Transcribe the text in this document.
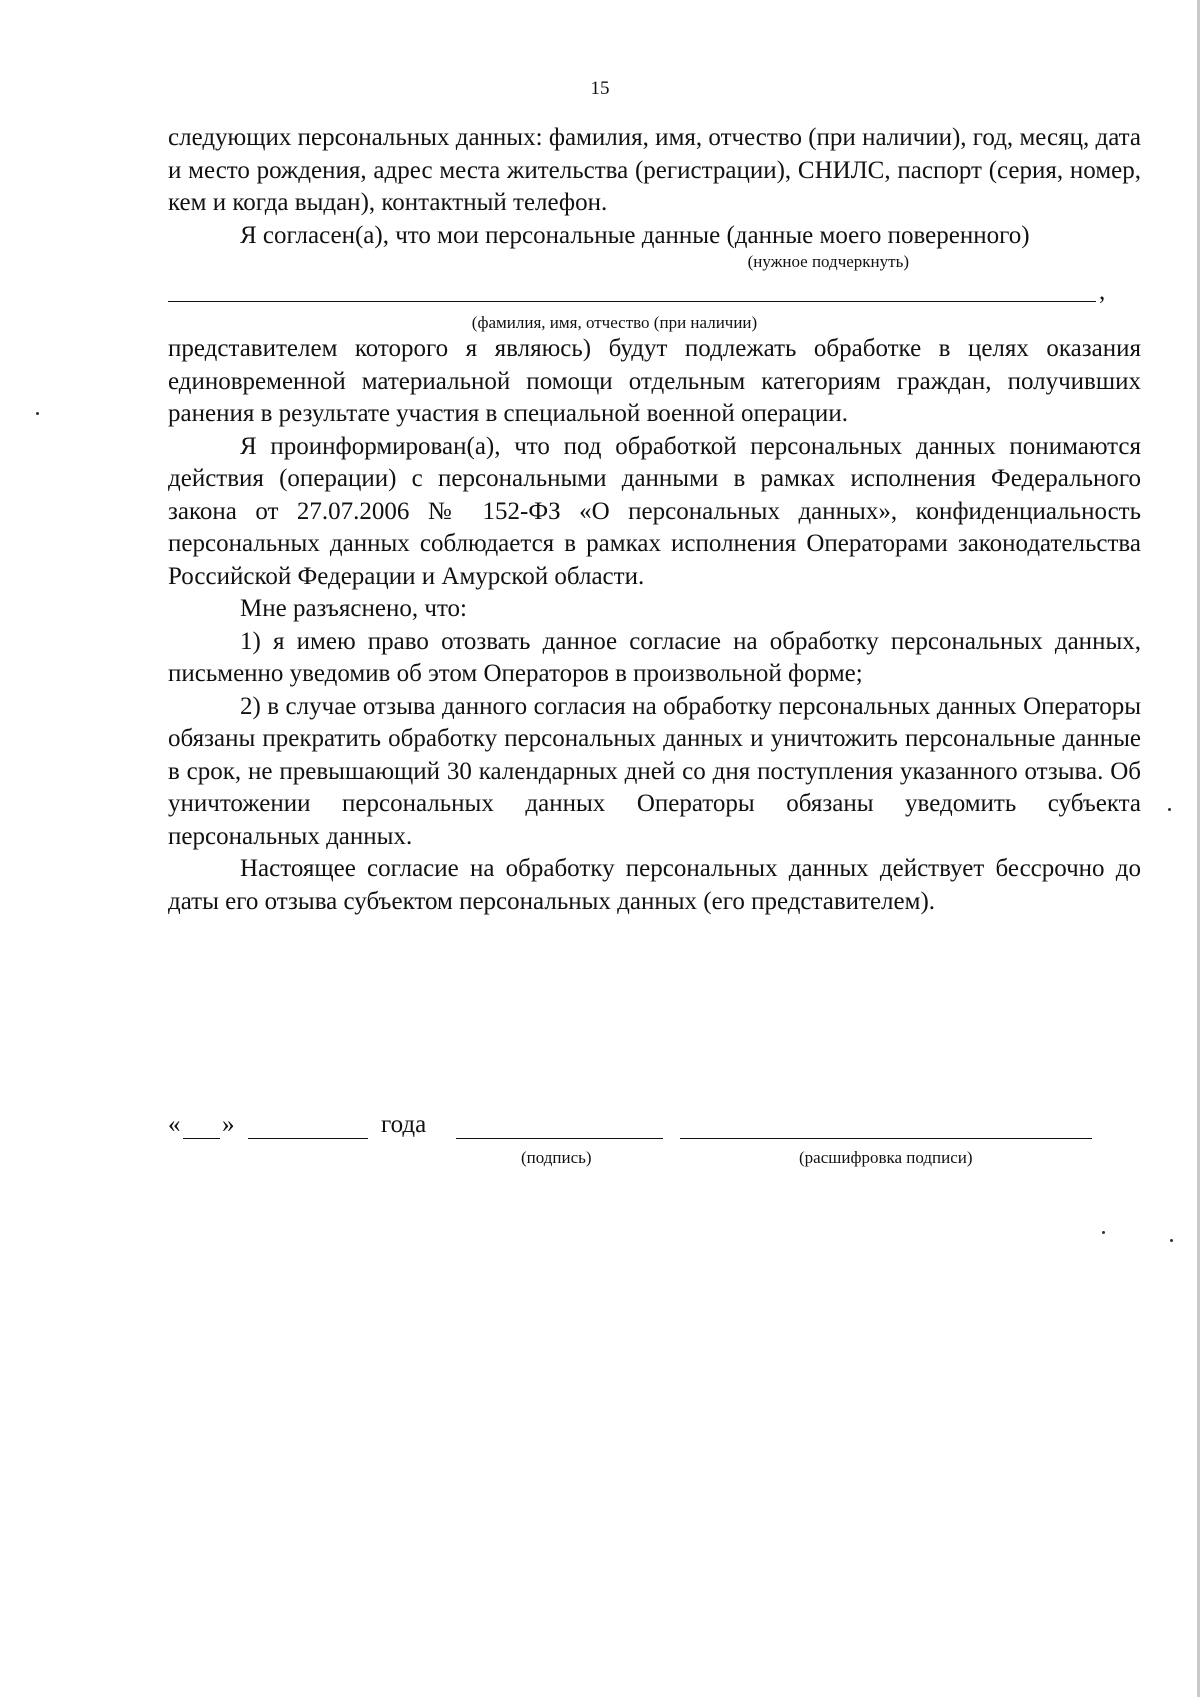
15

следующих персональных данных: фамилия, имя, отчество (при наличии), год, месяц, дата и место рождения, адрес места жительства (регистрации), СНИЛС, паспорт (серия, номер, кем и когда выдан), контактный телефон.

Я согласен(а), что мои персональные данные (данные моего поверенного)

(нужное подчеркнуть)

,

(фамилия, имя, отчество (при наличии)

представителем которого я являюсь) будут подлежать обработке в целях оказания единовременной материальной помощи отдельным категориям граждан, получивших ранения в результате участия в специальной военной операции.

Я проинформирован(а), что под обработкой персональных данных понимаются действия (операции) с персональными данными в рамках исполнения Федерального закона от 27.07.2006 № 152-ФЗ «О персональных данных», конфиденциальность персональных данных соблюдается в рамках исполнения Операторами законодательства Российской Федерации и Амурской области.

Мне разъяснено, что:

1) я имею право отозвать данное согласие на обработку персональных данных, письменно уведомив об этом Операторов в произвольной форме;

2) в случае отзыва данного согласия на обработку персональных данных Операторы обязаны прекратить обработку персональных данных и уничтожить персональные данные в срок, не превышающий 30 календарных дней со дня поступления указанного отзыва. Об уничтожении персональных данных Операторы обязаны уведомить субъекта персональных данных.

Настоящее согласие на обработку персональных данных действует бессрочно до даты его отзыва субъектом персональных данных (его представителем).

« »	года
(подпись)	(расшифровка подписи)
